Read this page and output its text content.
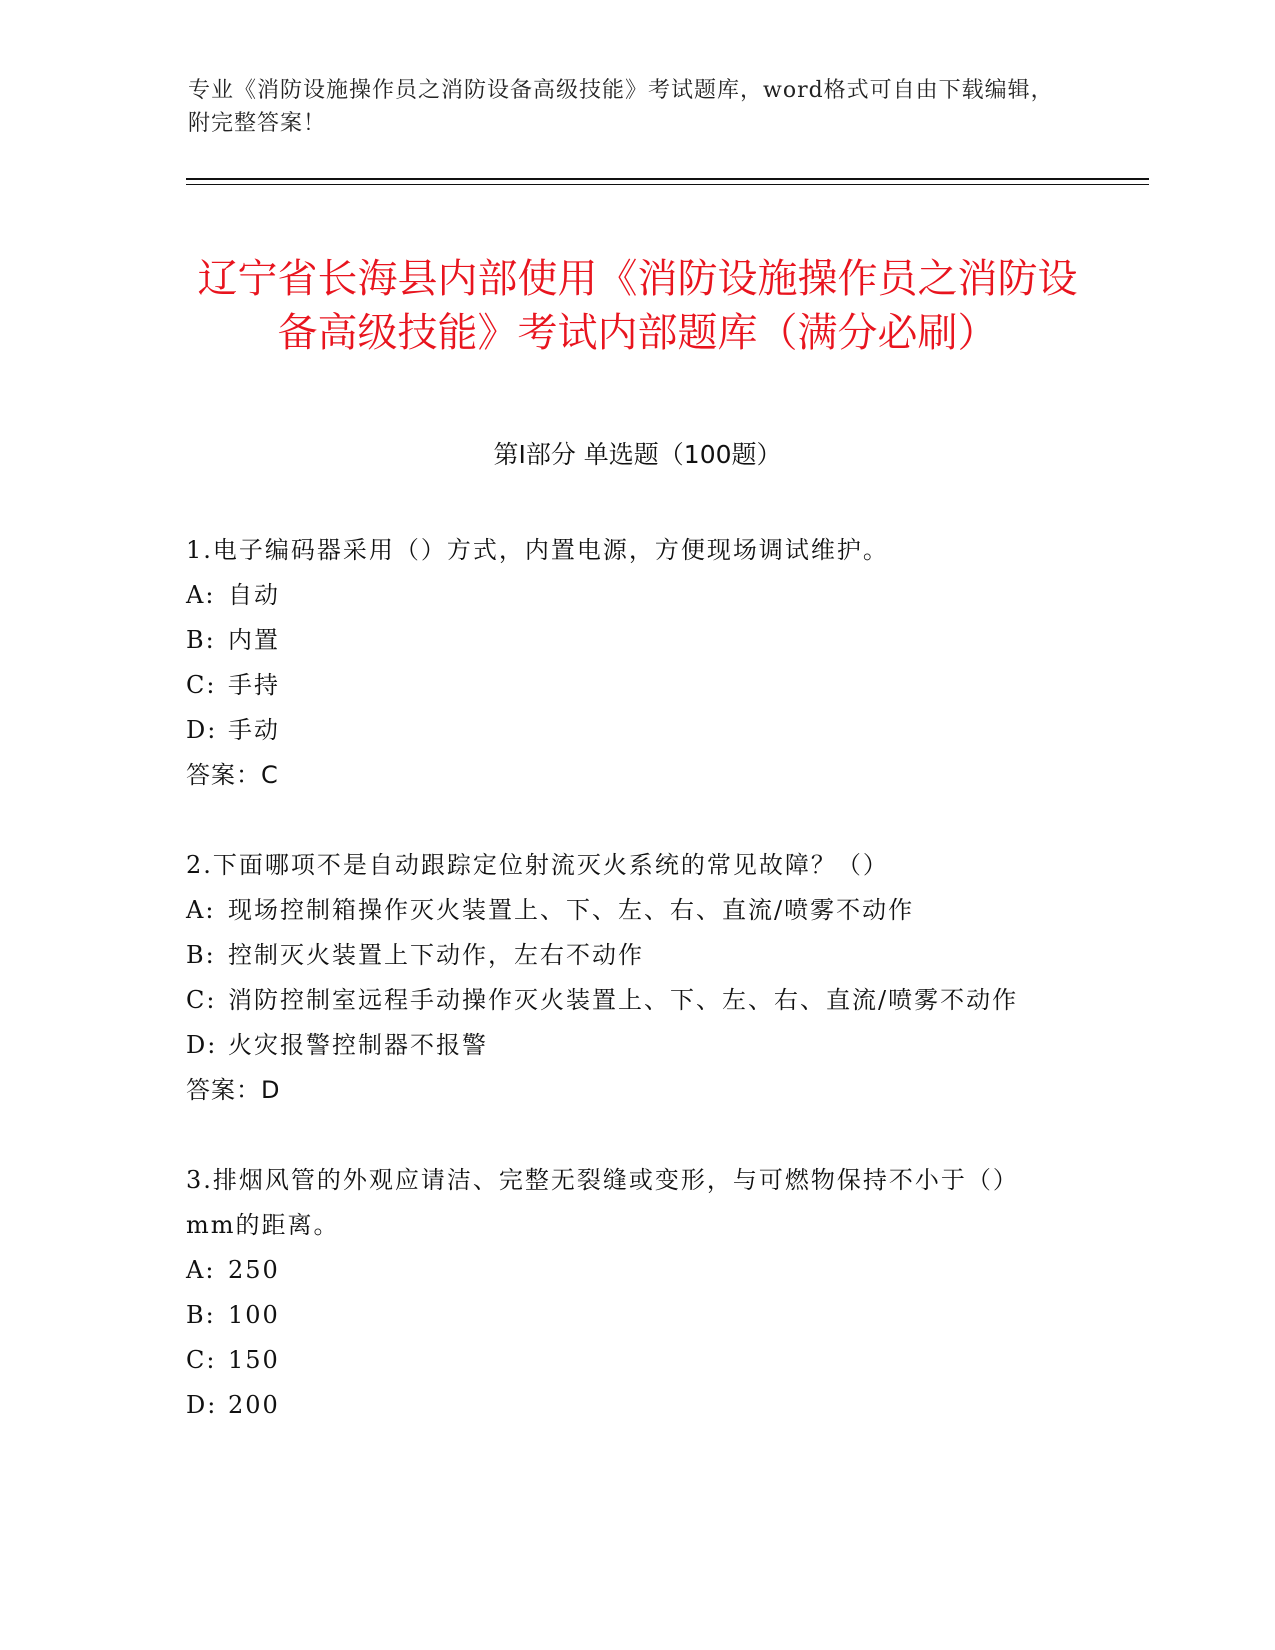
专业《消防设施操作员之消防设备高级技能》考试题库，word格式可自由下载编辑，附完整答案！
辽宁省长海县内部使用《消防设施操作员之消防设备高级技能》考试内部题库（满分必刷）
第Ⅰ部分 单选题（100题）

1.电子编码器采用（）方式，内置电源，方便现场调试维护。

A: 自动

B: 内置

C: 手持

D: 手动

答案：C

2.下面哪项不是自动跟踪定位射流灭火系统的常见故障？（）

A: 现场控制箱操作灭火装置上、下、左、右、直流/喷雾不动作

B: 控制灭火装置上下动作，左右不动作

C: 消防控制室远程手动操作灭火装置上、下、左、右、直流/喷雾不动作

D: 火灾报警控制器不报警

答案：D

3.排烟风管的外观应请洁、完整无裂缝或变形，与可燃物保持不小于（）mm的距离。

A: 250

B: 100

C: 150

D: 200
